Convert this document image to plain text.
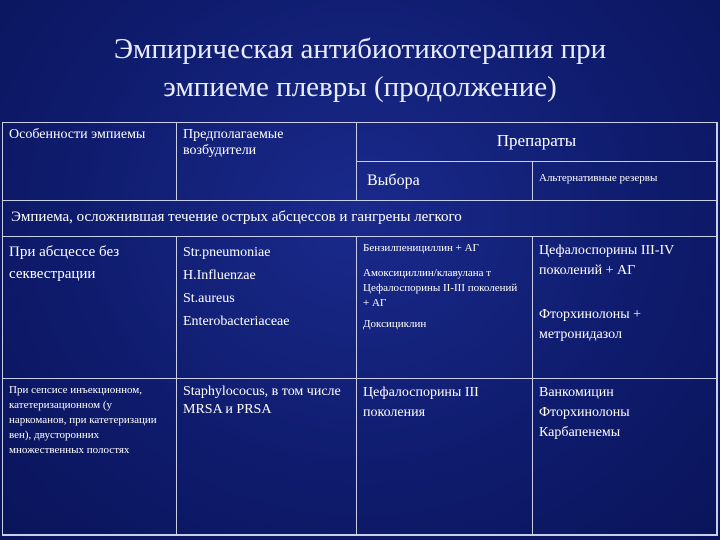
Эмпирическая антибиотикотерапия при
эмпиеме плевры (продолжение)
Особенности эмпиемы	Предполагаемые возбудители
Препараты
Выбора	Альтернативные резервы
Эмпиема, осложнившая течение острых абсцессов и гангрены легкого
При абсцессе без секвестрации
Str.pneumoniae
H.Influenzae
St.aureus
Enterobacteriaceae
Бензилпенициллин + АГ
Амоксициллин/клавулана т
Цефалоспорины II-III поколений + АГ
Доксициклин
Цефалоспорины III-IV поколений + АГ
Фторхинолоны + метронидазол
При сепсисе инъекционном, катетеризационном (у наркоманов, при катетеризации вен), двусторонних множественных полостях
Staphylococus, в том числе MRSA и PRSA
Цефалоспорины III поколения
Ванкомицин
Фторхинолоны
Карбапенемы
